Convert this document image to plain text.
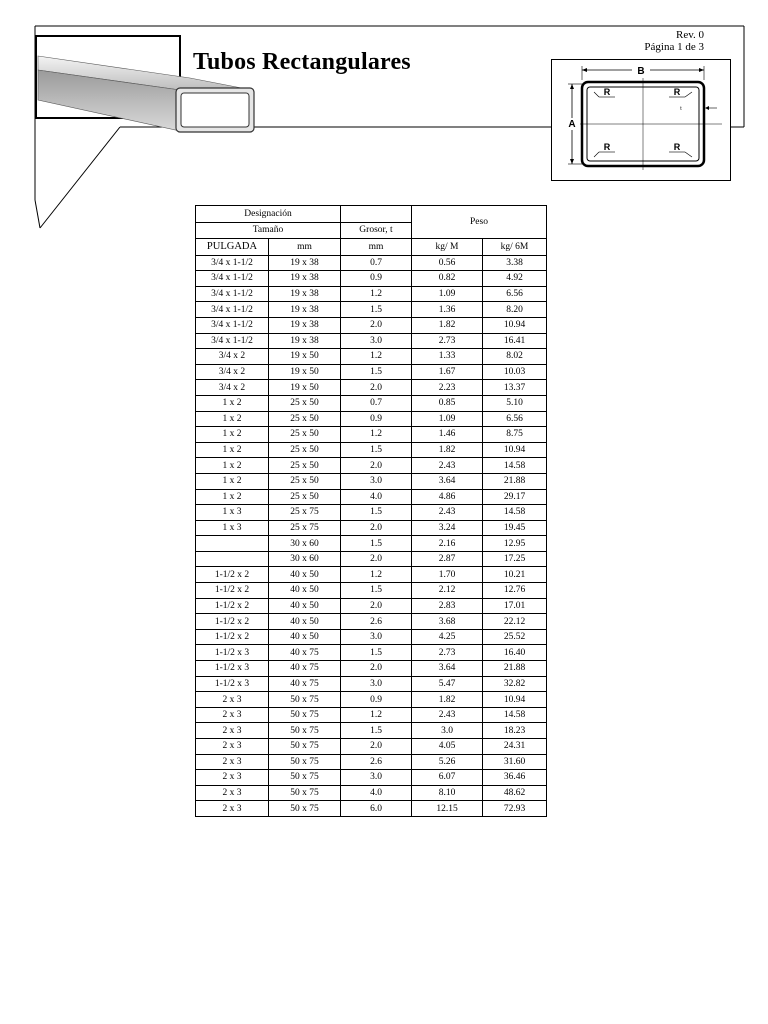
Tubos Rectangulares
Rev. 0
Página 1 de 3
B
A
R	R
R	R
t
Designación			Peso	
Tamaño		Grosor, t		
PULGADA	mm	mm	kg/ M	kg/ 6M
3/4 x 1-1/2	19 x 38	0.7	0.56	3.38
3/4 x 1-1/2	19 x 38	0.9	0.82	4.92
3/4 x 1-1/2	19 x 38	1.2	1.09	6.56
3/4 x 1-1/2	19 x 38	1.5	1.36	8.20
3/4 x 1-1/2	19 x 38	2.0	1.82	10.94
3/4 x 1-1/2	19 x 38	3.0	2.73	16.41
3/4 x 2	19 x 50	1.2	1.33	8.02
3/4 x 2	19 x 50	1.5	1.67	10.03
3/4 x 2	19 x 50	2.0	2.23	13.37
1 x 2	25 x 50	0.7	0.85	5.10
1 x 2	25 x 50	0.9	1.09	6.56
1 x 2	25 x 50	1.2	1.46	8.75
1 x 2	25 x 50	1.5	1.82	10.94
1 x 2	25 x 50	2.0	2.43	14.58
1 x 2	25 x 50	3.0	3.64	21.88
1 x 2	25 x 50	4.0	4.86	29.17
1 x 3	25 x 75	1.5	2.43	14.58
1 x 3	25 x 75	2.0	3.24	19.45
	30 x 60	1.5	2.16	12.95
	30 x 60	2.0	2.87	17.25
1-1/2 x 2	40 x 50	1.2	1.70	10.21
1-1/2 x 2	40 x 50	1.5	2.12	12.76
1-1/2 x 2	40 x 50	2.0	2.83	17.01
1-1/2 x 2	40 x 50	2.6	3.68	22.12
1-1/2 x 2	40 x 50	3.0	4.25	25.52
1-1/2 x 3	40 x 75	1.5	2.73	16.40
1-1/2 x 3	40 x 75	2.0	3.64	21.88
1-1/2 x 3	40 x 75	3.0	5.47	32.82
2 x 3	50 x 75	0.9	1.82	10.94
2 x 3	50 x 75	1.2	2.43	14.58
2 x 3	50 x 75	1.5	3.0	18.23
2 x 3	50 x 75	2.0	4.05	24.31
2 x 3	50 x 75	2.6	5.26	31.60
2 x 3	50 x 75	3.0	6.07	36.46
2 x 3	50 x 75	4.0	8.10	48.62
2 x 3	50 x 75	6.0	12.15	72.93
